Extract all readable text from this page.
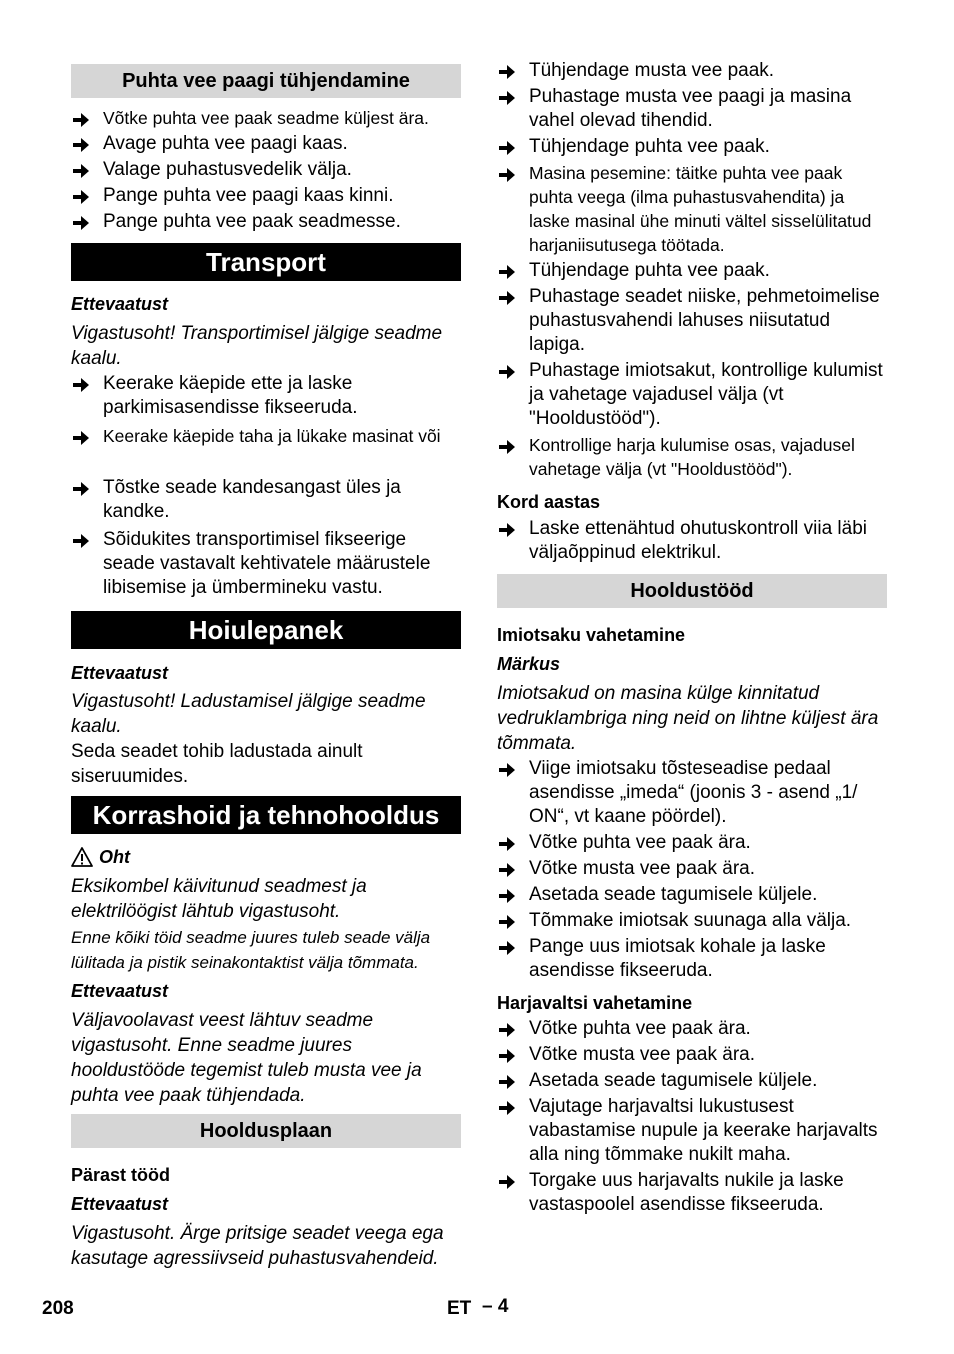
Puhta vee paagi tühjendamine
Võtke puhta vee paak seadme küljest ära.
Avage puhta vee paagi kaas.
Valage puhastusvedelik välja.
Pange puhta vee paagi kaas kinni.
Pange puhta vee paak seadmesse.
Transport
Ettevaatust
Vigastusoht! Transportimisel jälgige seadme kaalu.
Keerake käepide ette ja laske parkimisasendisse fikseeruda.
Keerake käepide taha ja lükake masinat või
Tõstke seade kandesangast üles ja kandke.
Sõidukites transportimisel fikseerige seade vastavalt kehtivatele määrustele libisemise ja ümbermineku vastu.
Hoiulepanek
Ettevaatust
Vigastusoht! Ladustamisel jälgige seadme kaalu.
Seda seadet tohib ladustada ainult siseruumides.
Korrashoid ja tehnohooldus
Oht
Eksikombel käivitunud seadmest ja elektrilöögist lähtub vigastusoht.
Enne kõiki töid seadme juures tuleb seade välja lülitada ja pistik seinakontaktist välja tõmmata.
Ettevaatust
Väljavoolavast veest lähtuv seadme vigastusoht. Enne seadme juures hooldustööde tegemist tuleb musta vee ja puhta vee paak tühjendada.
Hooldusplaan
Pärast tööd
Ettevaatust
Vigastusoht. Ärge pritsige seadet veega ega kasutage agressiivseid puhastusvahendeid.
Tühjendage musta vee paak.
Puhastage musta vee paagi ja masina vahel olevad tihendid.
Tühjendage puhta vee paak.
Masina pesemine: täitke puhta vee paak puhta veega (ilma puhastusvahendita) ja laske masinal ühe minuti vältel sisselülitatud harjaniisutusega töötada.
Tühjendage puhta vee paak.
Puhastage seadet niiske, pehmetoimelise puhastusvahendi lahuses niisutatud lapiga.
Puhastage imiotsakut, kontrollige kulumist ja vahetage vajadusel välja (vt "Hooldustööd").
Kontrollige harja kulumise osas, vajadusel vahetage välja (vt "Hooldustööd").
Kord aastas
Laske ettenähtud ohutuskontroll viia läbi väljaõppinud elektrikul.
Hooldustööd
Imiotsaku vahetamine
Märkus
Imiotsakud on masina külge kinnitatud vedruklambriga ning neid on lihtne küljest ära tõmmata.
Viige imiotsaku tõsteseadise pedaal asendisse „imeda“ (joonis 3 - asend „1/ ON“, vt kaane pöördel).
Võtke puhta vee paak ära.
Võtke musta vee paak ära.
Asetada seade tagumisele küljele.
Tõmmake imiotsak suunaga alla välja.
Pange uus imiotsak kohale ja laske asendisse fikseeruda.
Harjavaltsi vahetamine
Võtke puhta vee paak ära.
Võtke musta vee paak ära.
Asetada seade tagumisele küljele.
Vajutage harjavaltsi lukustusest vabastamise nupule ja keerake harjavalts alla ning tõmmake nukilt maha.
Torgake uus harjavalts nukile ja laske vastaspoolel asendisse fikseeruda.
208	ET – 4
